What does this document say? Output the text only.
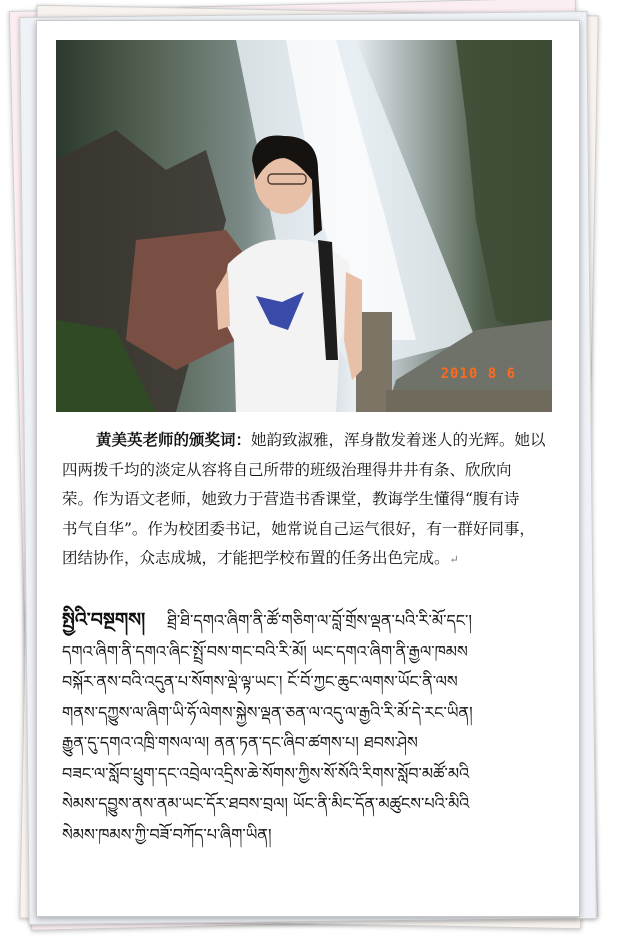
2010 8 6
黄美英老师的颁奖词：她韵致淑雅，浑身散发着迷人的光辉。她以
四两拨千均的淡定从容将自己所带的班级治理得井井有条、欣欣向
荣。作为语文老师，她致力于营造书香课堂，教诲学生懂得“腹有诗
书气自华”。作为校团委书记，她常说自己运气很好，有一群好同事，
团结协作，众志成城，才能把学校布置的任务出色完成。↵
སྤྱིའི་བསྔགས། ཐྲི་ཐི་དགའ་ཞིག་ནི་ཚོ་གཅིག་ལ་བློ་གྲོས་ལྡན་པའི་རི་མོ་དང་།
དགའ་ཞིག་ནི་དགའ་ཞིང་སྤྲོ་བས་གང་བའི་རི་མོ། ཡང་དགའ་ཞིག་ནི་རྒྱལ་ཁམས
བསྐོར་ནས་བའི་འདུན་པ་སོགས་ལྡེ་ལྟ་ཡང་། ངོ་བོ་ཀྱང་ཆུང་ལགས་ཡོང་ནི་ལས
གནས་དཀྱུས་ལ་ཞིག་ཡི་ཧོ་ལེགས་སྐྱེས་ལྡན་ཅན་ལ་འདུ་ལ་རྒྱའི་རི་མོ་དེ་རང་ཡིན།
རྒྱུན་དུ་དགའ་འཁྲི་གསལ་ལ། ནན་ཏན་དང་ཞིབ་ཚགས་པ། ཐབས་ཤེས
བཟང་ལ་སློབ་ཕྲུག་དང་འབྲེལ་འདྲིས་ཆེ་སོགས་ཀྱིས་སོ་སོའི་རིགས་སློབ་མཚོ་མའི
སེམས་དབྱུས་ནས་ནམ་ཡང་དོར་ཐབས་བྲལ། ཡོང་ནི་མིང་དོན་མཚུངས་པའི་མིའི
སེམས་ཁམས་ཀྱི་བཟོ་བཀོད་པ་ཞིག་ཡིན།
